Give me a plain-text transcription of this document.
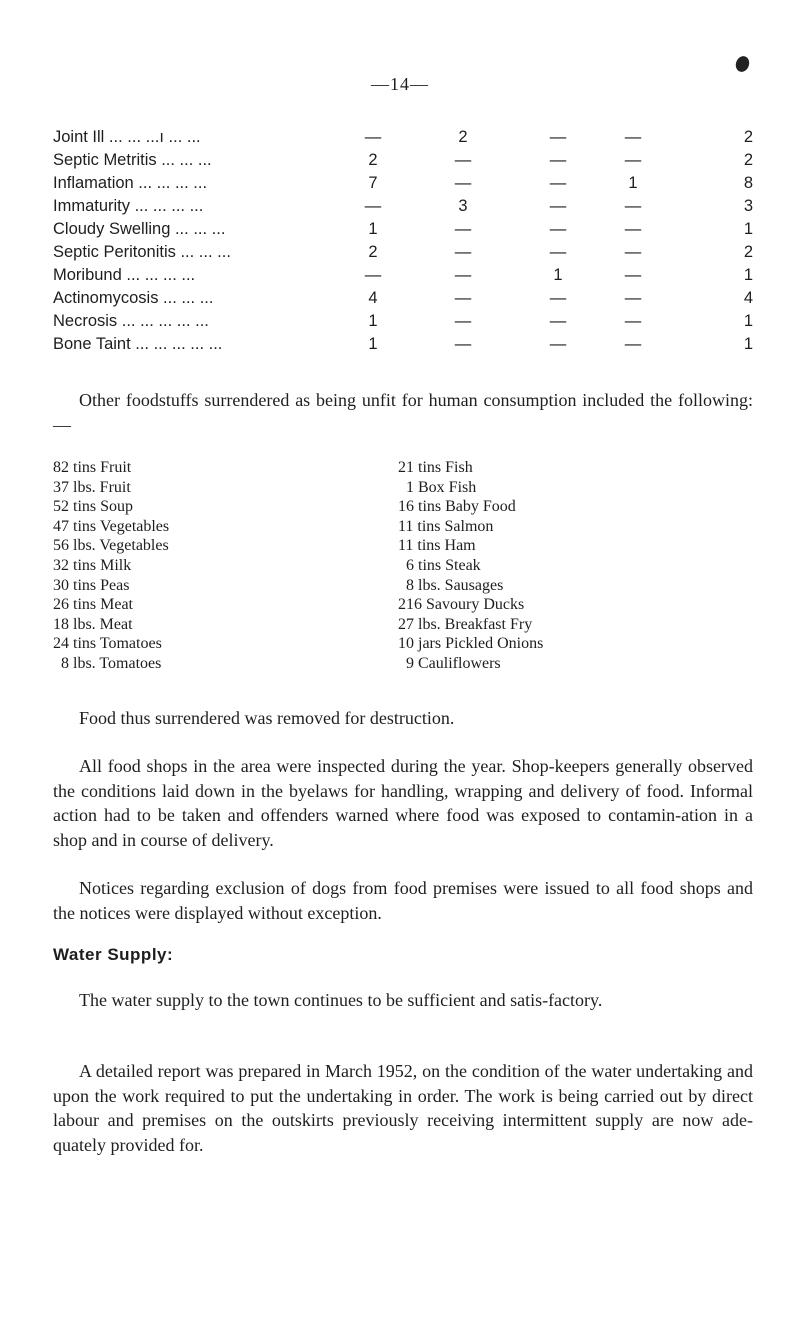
—14—
Joint Ill ... ... ...ı ... ...	—	2	—	—	2
Septic Metritis ... ... ...	2	—	—	—	2
Inflamation ... ... ... ...	7	—	—	1	8
Immaturity ... ... ... ...	—	3	—	—	3
Cloudy Swelling ... ... ...	1	—	—	—	1
Septic Peritonitis ... ... ...	2	—	—	—	2
Moribund ... ... ... ...	—	—	1	—	1
Actinomycosis ... ... ...	4	—	—	—	4
Necrosis ... ... ... ... ...	1	—	—	—	1
Bone Taint ... ... ... ... ...	1	—	—	—	1
Other foodstuffs surrendered as being unfit for human consumption included the following:—
82 tins Fruit
37 lbs. Fruit
52 tins Soup
47 tins Vegetables
56 lbs. Vegetables
32 tins Milk
30 tins Peas
26 tins Meat
18 lbs. Meat
24 tins Tomatoes
8 lbs. Tomatoes
21 tins Fish
1 Box Fish
16 tins Baby Food
11 tins Salmon
11 tins Ham
6 tins Steak
8 lbs. Sausages
216 Savoury Ducks
27 lbs. Breakfast Fry
10 jars Pickled Onions
9 Cauliflowers
Food thus surrendered was removed for destruction.
All food shops in the area were inspected during the year. Shop-keepers generally observed the conditions laid down in the byelaws for handling, wrapping and delivery of food. Informal action had to be taken and offenders warned where food was exposed to contamin-ation in a shop and in course of delivery.
Notices regarding exclusion of dogs from food premises were issued to all food shops and the notices were displayed without exception.
Water Supply:
The water supply to the town continues to be sufficient and satis-factory.
A detailed report was prepared in March 1952, on the condition of the water undertaking and upon the work required to put the undertaking in order. The work is being carried out by direct labour and premises on the outskirts previously receiving intermittent supply are now ade-quately provided for.
